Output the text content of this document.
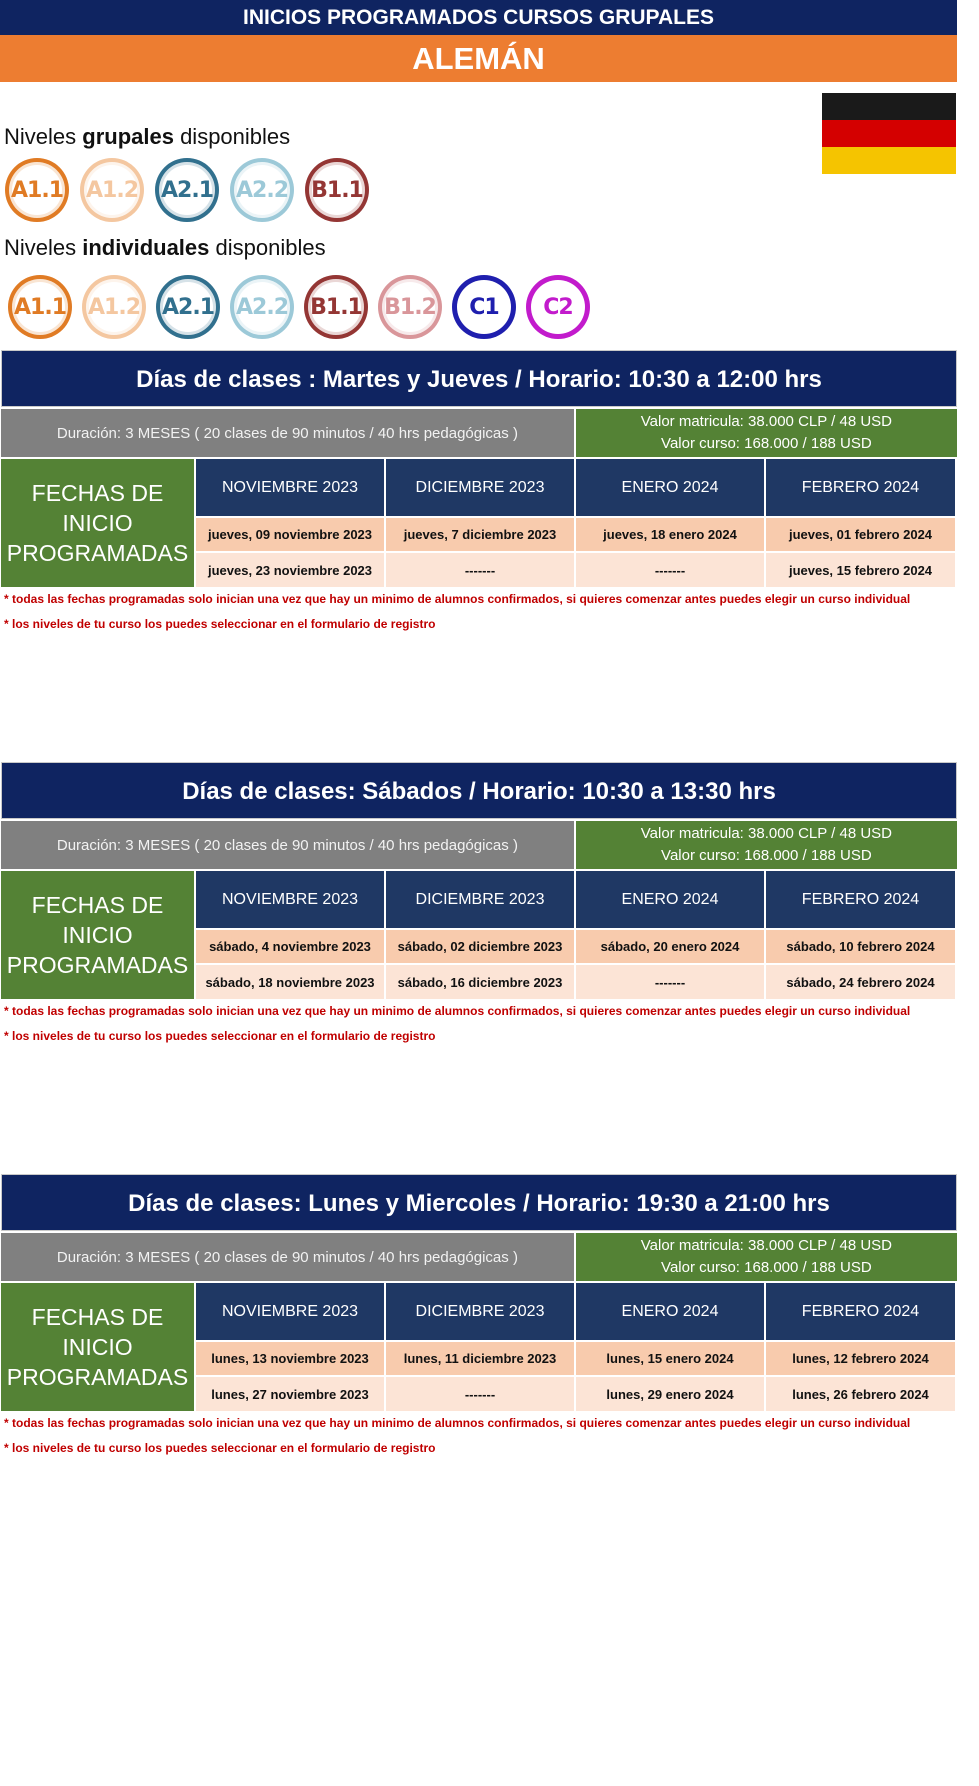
INICIOS PROGRAMADOS CURSOS GRUPALES
ALEMÁN
Niveles grupales disponibles
A1.1 A1.2 A2.1 A2.2 B1.1
Niveles individuales disponibles
A1.1 A1.2 A2.1 A2.2 B1.1 B1.2	C1	C2
Días de clases : Martes y Jueves / Horario: 10:30 a 12:00 hrs
Duración: 3 MESES ( 20 clases de 90 minutos / 40 hrs pedagógicas )
Valor matricula: 38.000 CLP / 48 USD
Valor curso: 168.000 / 188 USD
FECHAS DE
INICIO
PROGRAMADAS
NOVIEMBRE 2023
jueves, 09 noviembre 2023
jueves, 23 noviembre 2023
DICIEMBRE 2023
jueves, 7 diciembre 2023
-------
ENERO 2024
jueves, 18 enero 2024
-------
FEBRERO 2024
jueves, 01 febrero 2024
jueves, 15 febrero 2024
* todas las fechas programadas solo inician una vez que hay un minimo de alumnos confirmados, si quieres comenzar antes puedes elegir un curso individual
* los niveles de tu curso los puedes seleccionar en el formulario de registro
Días de clases: Sábados / Horario: 10:30 a 13:30 hrs
Duración: 3 MESES ( 20 clases de 90 minutos / 40 hrs pedagógicas )
Valor matricula: 38.000 CLP / 48 USD
Valor curso: 168.000 / 188 USD
FECHAS DE
INICIO
PROGRAMADAS
NOVIEMBRE 2023
sábado, 4 noviembre 2023
sábado, 18 noviembre 2023
DICIEMBRE 2023
sábado, 02 diciembre 2023
sábado, 16 diciembre 2023
ENERO 2024
sábado, 20 enero 2024
-------
FEBRERO 2024
sábado, 10 febrero 2024
sábado, 24 febrero 2024
* todas las fechas programadas solo inician una vez que hay un minimo de alumnos confirmados, si quieres comenzar antes puedes elegir un curso individual
* los niveles de tu curso los puedes seleccionar en el formulario de registro
Días de clases: Lunes y Miercoles / Horario: 19:30 a 21:00 hrs
Duración: 3 MESES ( 20 clases de 90 minutos / 40 hrs pedagógicas )
Valor matricula: 38.000 CLP / 48 USD
Valor curso: 168.000 / 188 USD
FECHAS DE
INICIO
PROGRAMADAS
NOVIEMBRE 2023
lunes, 13 noviembre 2023
lunes, 27 noviembre 2023
DICIEMBRE 2023
lunes, 11 diciembre 2023
-------
ENERO 2024
lunes, 15 enero 2024
lunes, 29 enero 2024
FEBRERO 2024
lunes, 12 febrero 2024
lunes, 26 febrero 2024
* todas las fechas programadas solo inician una vez que hay un minimo de alumnos confirmados, si quieres comenzar antes puedes elegir un curso individual
* los niveles de tu curso los puedes seleccionar en el formulario de registro
